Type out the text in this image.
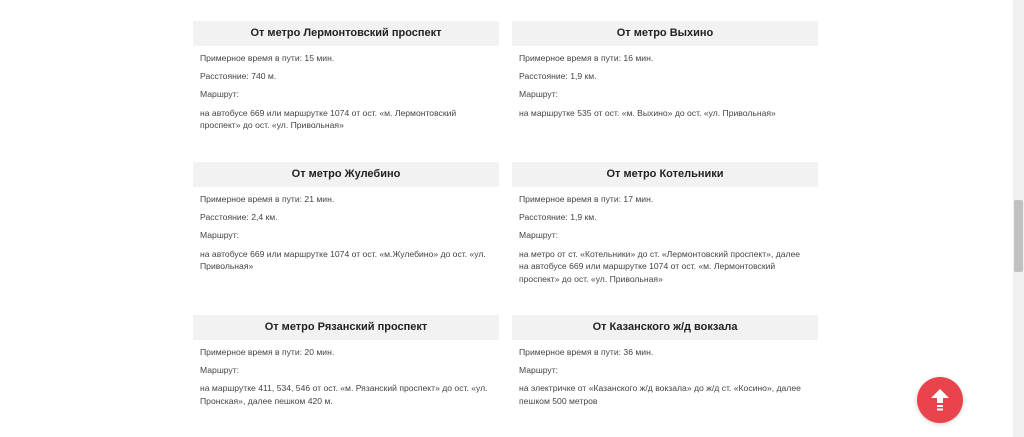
От метро Лермонтовский проспект

Примерное время в пути: 15 мин.

Расстояние: 740 м.

Маршрут:

на автобусе 669 или маршрутке 1074 от ост. «м. Лермонтовский проспект» до ост. «ул. Привольная»

От метро Выхино

Примерное время в пути: 16 мин.

Расстояние: 1,9 км.

Маршрут:

на маршрутке 535 от ост. «м. Выхино» до ост. «ул. Привольная»

От метро Жулебино

Примерное время в пути: 21 мин.

Расстояние: 2,4 км.

Маршрут:

на автобусе 669 или маршрутке 1074 от ост. «м.Жулебино» до ост. «ул. Привольная»

От метро Котельники

Примерное время в пути: 17 мин.

Расстояние: 1,9 км.

Маршрут:

на метро от ст. «Котельники» до ст. «Лермонтовский проспект», далее на автобусе 669 или маршрутке 1074 от ост. «м. Лермонтовский проспект» до ост. «ул. Привольная»

От метро Рязанский проспект

Примерное время в пути: 20 мин.

Маршрут:

на маршрутке 411, 534, 546 от ост. «м. Рязанский проспект» до ост. «ул. Пронская», далее пешком 420 м.

От Казанского ж/д вокзала

Примерное время в пути: 36 мин.

Маршрут:

на электричке от «Казанского ж/д вокзала» до ж/д ст. «Косино», далее пешком 500 метров
